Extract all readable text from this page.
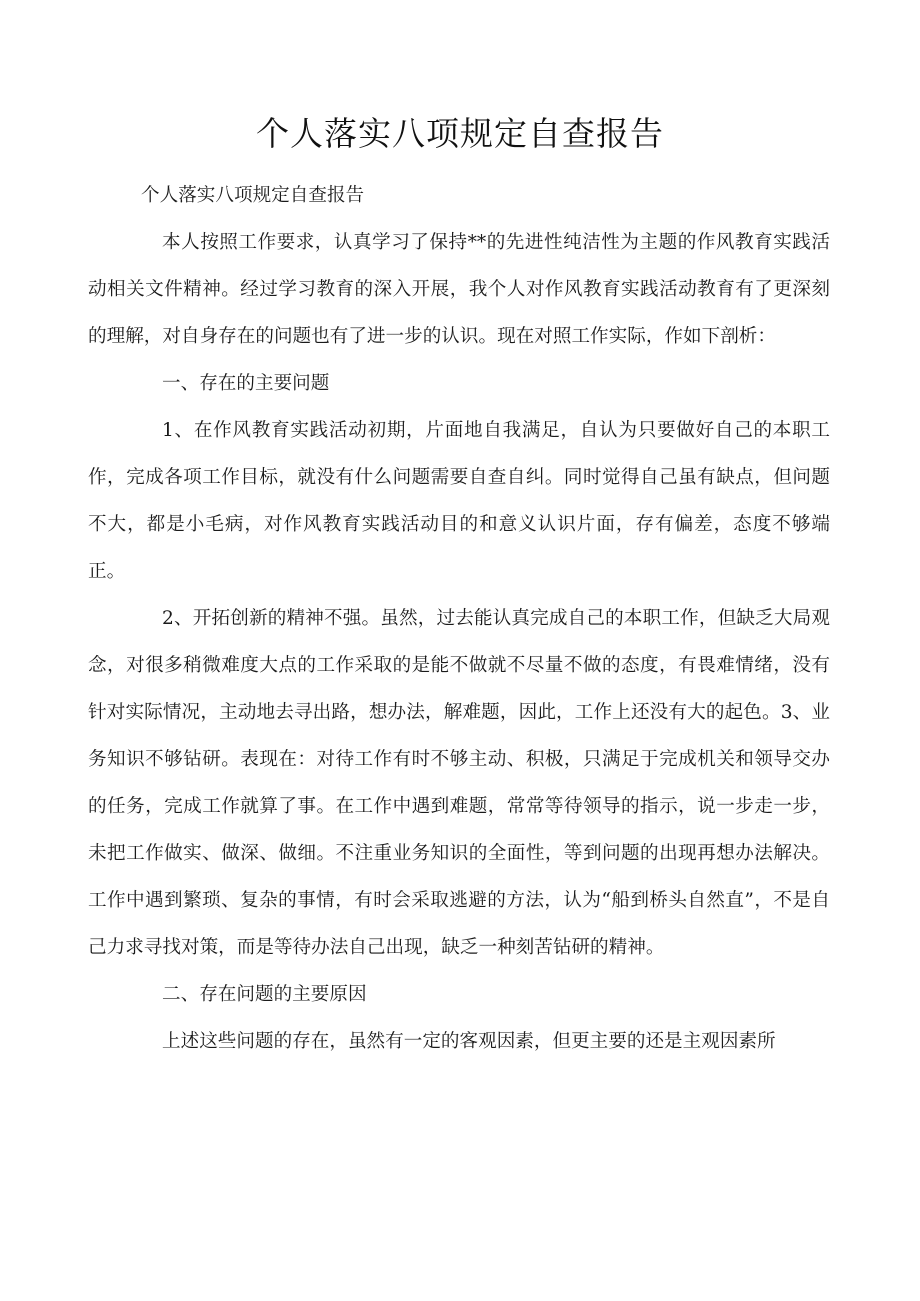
个人落实八项规定自查报告

个人落实八项规定自查报告

本人按照工作要求，认真学习了保持**的先进性纯洁性为主题的作风教育实践活动相关文件精神。经过学习教育的深入开展，我个人对作风教育实践活动教育有了更深刻的理解，对自身存在的问题也有了进一步的认识。现在对照工作实际，作如下剖析：

一、存在的主要问题

1、在作风教育实践活动初期，片面地自我满足，自认为只要做好自己的本职工作，完成各项工作目标，就没有什么问题需要自查自纠。同时觉得自己虽有缺点，但问题不大，都是小毛病，对作风教育实践活动目的和意义认识片面，存有偏差，态度不够端正。

2、开拓创新的精神不强。虽然，过去能认真完成自己的本职工作，但缺乏大局观念，对很多稍微难度大点的工作采取的是能不做就不尽量不做的态度，有畏难情绪，没有针对实际情况，主动地去寻出路，想办法，解难题，因此，工作上还没有大的起色。3、业务知识不够钻研。表现在：对待工作有时不够主动、积极，只满足于完成机关和领导交办的任务，完成工作就算了事。在工作中遇到难题，常常等待领导的指示，说一步走一步，未把工作做实、做深、做细。不注重业务知识的全面性，等到问题的出现再想办法解决。工作中遇到繁琐、复杂的事情，有时会采取逃避的方法，认为“船到桥头自然直”，不是自己力求寻找对策，而是等待办法自己出现，缺乏一种刻苦钻研的精神。

二、存在问题的主要原因

上述这些问题的存在，虽然有一定的客观因素，但更主要的还是主观因素所
